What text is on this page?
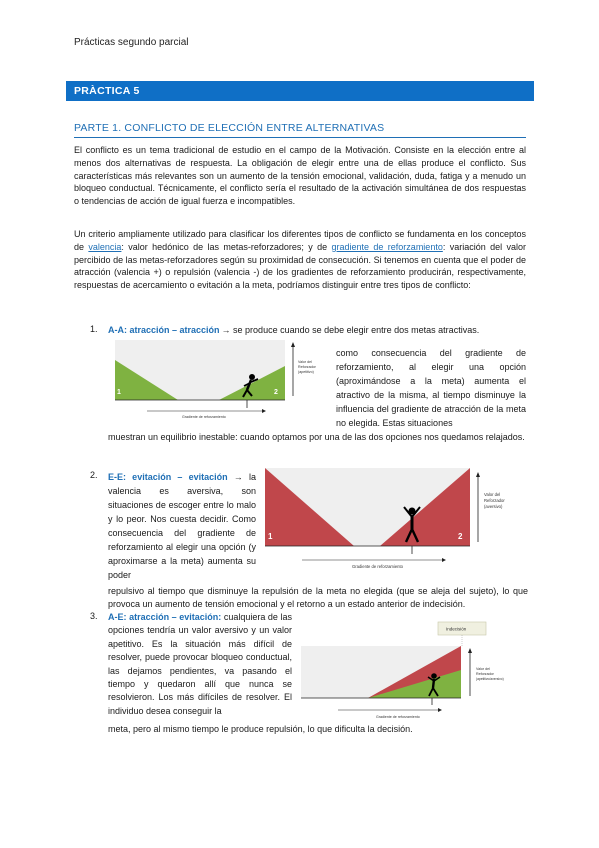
Prácticas segundo parcial
PRÀCTICA 5
PARTE 1. CONFLICTO DE ELECCIÓN ENTRE ALTERNATIVAS
El conflicto es un tema tradicional de estudio en el campo de la Motivación. Consiste en la elección entre al menos dos alternativas de respuesta. La obligación de elegir entre una de ellas produce el conflicto. Sus características más relevantes son un aumento de la tensión emocional, validación, duda, fatiga y a menudo un bloqueo conductual. Técnicamente, el conflicto sería el resultado de la activación simultánea de dos respuestas o tendencias de acción de igual fuerza e incompatibles.
Un criterio ampliamente utilizado para clasificar los diferentes tipos de conflicto se fundamenta en los conceptos de valencia: valor hedónico de las metas-reforzadores; y de gradiente de reforzamiento: variación del valor percibido de las metas-reforzadores según su proximidad de consecución. Si tenemos en cuenta que el poder de atracción (valencia +) o repulsión (valencia -) de los gradientes de reforzamiento producirán, respectivamente, respuestas de acercamiento o evitación a la meta, podríamos distinguir entre tres tipos de conflicto:
1. A-A: atracción – atracción → se produce cuando se debe elegir entre dos metas atractivas.
1	2
Gradiente de reforzamiento
Valor del
Reforzador
(apetitivo)
como consecuencia del gradiente de reforzamiento, al elegir una opción (aproximándose a la meta) aumenta el atractivo de la misma, al tiempo disminuye la influencia del gradiente de atracción de la meta no elegida. Estas situaciones
muestran un equilibrio inestable: cuando optamos por una de las dos opciones nos quedamos relajados.
2. E-E: evitación – evitación → la valencia es aversiva, son situaciones de escoger entre lo malo y lo peor. Nos cuesta decidir. Como consecuencia del gradiente de reforzamiento al elegir una opción (y aproximarse a la meta) aumenta su poder
1	2
Gradiente de reforzamiento
Valor del
Reforzador
(aversivo)
repulsivo al tiempo que disminuye la repulsión de la meta no elegida (que se aleja del sujeto), lo que provoca un aumento de tensión emocional y el retorno a un estado anterior de indecisión.
3. A-E: atracción – evitación: cualquiera de las opciones tendría un valor aversivo y un valor apetitivo. Es la situación más difícil de resolver, puede provocar bloqueo conductual, las dejamos pendientes, va pasando el tiempo y quedaron allí que nunca se resolvieron. Los más difíciles de resolver. El individuo desea conseguir la
Indecisión
Gradiente de reforzamiento
Valor del
Reforzador
(apetitivo/aversivo)
meta, pero al mismo tiempo le produce repulsión, lo que dificulta la decisión.
